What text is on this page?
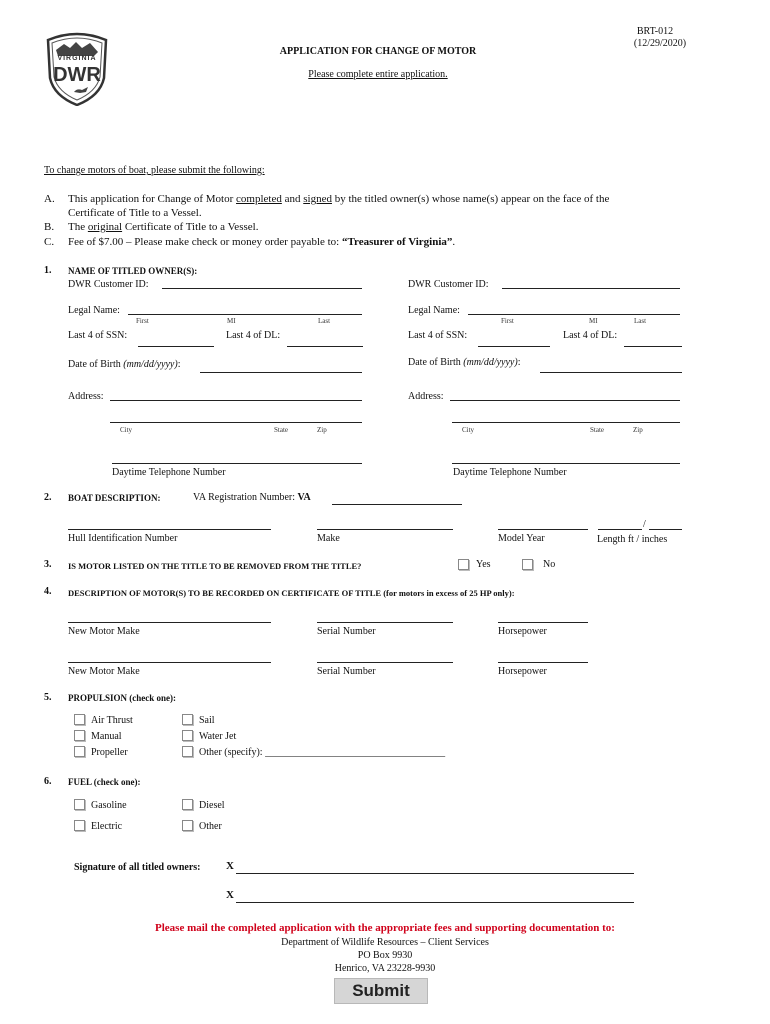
VIRGINIA
DWR
BRT-012
(12/29/2020)
APPLICATION FOR CHANGE OF MOTOR
Please complete entire application.
To change motors of boat, please submit the following:
A. This application for Change of Motor completed and signed by the titled owner(s) whose name(s) appear on the face of the
Certificate of Title to a Vessel.
B. The original Certificate of Title to a Vessel.
C. Fee of $7.00 – Please make check or money order payable to: “Treasurer of Virginia”.
1. NAME OF TITLED OWNER(S):
DWR Customer ID:
Legal Name:
First	MI	Last
Last 4 of SSN:	Last 4 of DL:
Date of Birth (mm/dd/yyyy):
Address:
City	State	Zip
Daytime Telephone Number
DWR Customer ID:
Legal Name:
First	MI	Last
Last 4 of SSN:	Last 4 of DL:
Date of Birth (mm/dd/yyyy):
Address:
City	State	Zip
Daytime Telephone Number
2. BOAT DESCRIPTION:	VA Registration Number: VA
Hull Identification Number	Make	Model Year
/
Length ft / inches
3. IS MOTOR LISTED ON THE TITLE TO BE REMOVED FROM THE TITLE?	Yes	No
4. DESCRIPTION OF MOTOR(S) TO BE RECORDED ON CERTIFICATE OF TITLE (for motors in excess of 25 HP only):
New Motor Make	Serial Number	Horsepower
New Motor Make	Serial Number	Horsepower
5. PROPULSION (check one):
Air Thrust
Manual
Propeller
Sail
Water Jet
Other (specify): ____________________________________
6. FUEL (check one):
Gasoline
Electric
Diesel
Other
Signature of all titled owners: X
X
Please mail the completed application with the appropriate fees and supporting documentation to:
Department of Wildlife Resources – Client Services
PO Box 9930
Henrico, VA 23228-9930
Submit
